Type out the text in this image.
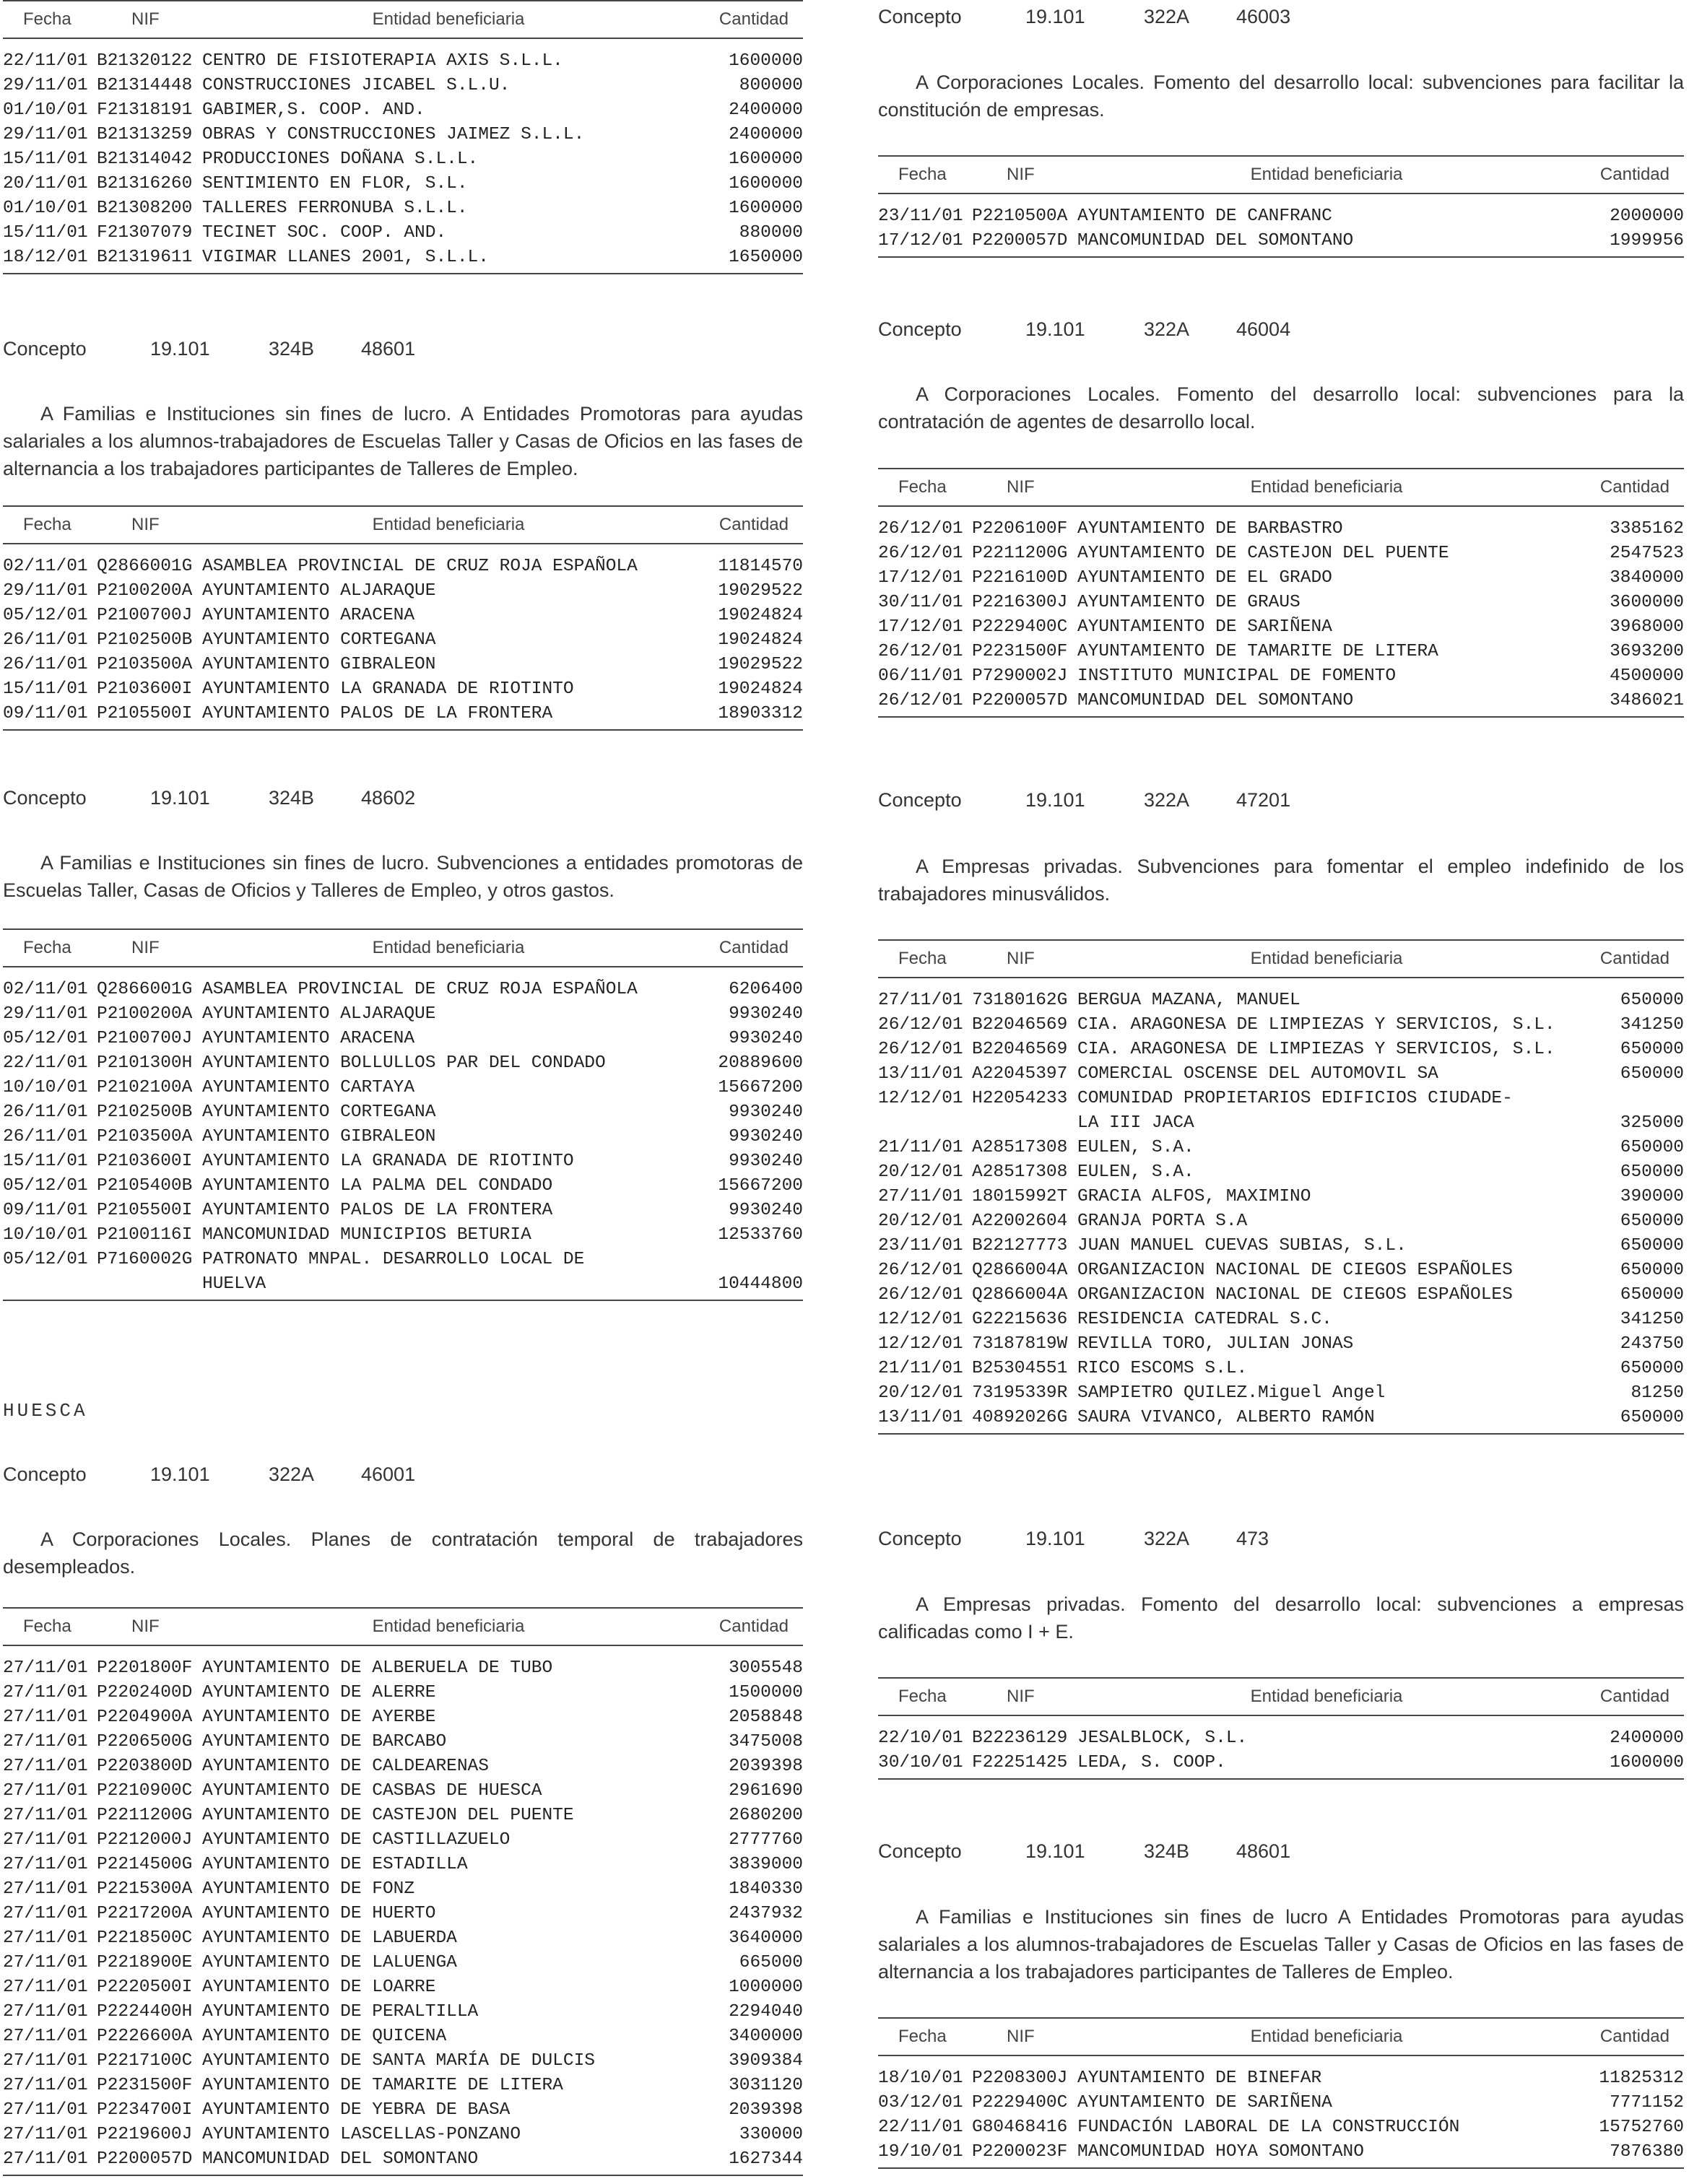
Fecha	NIF	Entidad beneficiaria	Cantidad
22/11/01	B21320122	CENTRO DE FISIOTERAPIA AXIS S.L.L.	1600000
29/11/01	B21314448	CONSTRUCCIONES JICABEL S.L.U.	800000
01/10/01	F21318191	GABIMER,S. COOP. AND.	2400000
29/11/01	B21313259	OBRAS Y CONSTRUCCIONES JAIMEZ S.L.L.	2400000
15/11/01	B21314042	PRODUCCIONES DOÑANA S.L.L.	1600000
20/11/01	B21316260	SENTIMIENTO EN FLOR, S.L.	1600000
01/10/01	B21308200	TALLERES FERRONUBA S.L.L.	1600000
15/11/01	F21307079	TECINET SOC. COOP. AND.	880000
18/12/01	B21319611	VIGIMAR LLANES 2001, S.L.L.	1650000
Concepto	19.101	324B 48601

A Familias e Instituciones sin fines de lucro. A Entidades Promotoras para ayudas salariales a los alumnos-trabajadores de Escuelas Taller y Casas de Oficios en las fases de alternancia a los trabajadores participantes de Talleres de Empleo.

Fecha	NIF	Entidad beneficiaria	Cantidad
02/11/01	Q2866001G	ASAMBLEA PROVINCIAL DE CRUZ ROJA ESPAÑOLA	11814570
29/11/01	P2100200A	AYUNTAMIENTO ALJARAQUE	19029522
05/12/01	P2100700J	AYUNTAMIENTO ARACENA	19024824
26/11/01	P2102500B	AYUNTAMIENTO CORTEGANA	19024824
26/11/01	P2103500A	AYUNTAMIENTO GIBRALEON	19029522
15/11/01	P2103600I	AYUNTAMIENTO LA GRANADA DE RIOTINTO	19024824
09/11/01	P2105500I	AYUNTAMIENTO PALOS DE LA FRONTERA	18903312
Concepto	19.101	324B 48602

A Familias e Instituciones sin fines de lucro. Subvenciones a entidades promotoras de Escuelas Taller, Casas de Oficios y Talleres de Empleo, y otros gastos.

Fecha	NIF	Entidad beneficiaria	Cantidad
02/11/01	Q2866001G	ASAMBLEA PROVINCIAL DE CRUZ ROJA ESPAÑOLA	6206400
29/11/01	P2100200A	AYUNTAMIENTO ALJARAQUE	9930240
05/12/01	P2100700J	AYUNTAMIENTO ARACENA	9930240
22/11/01	P2101300H	AYUNTAMIENTO BOLLULLOS PAR DEL CONDADO	20889600
10/10/01	P2102100A	AYUNTAMIENTO CARTAYA	15667200
26/11/01	P2102500B	AYUNTAMIENTO CORTEGANA	9930240
26/11/01	P2103500A	AYUNTAMIENTO GIBRALEON	9930240
15/11/01	P2103600I	AYUNTAMIENTO LA GRANADA DE RIOTINTO	9930240
05/12/01	P2105400B	AYUNTAMIENTO LA PALMA DEL CONDADO	15667200
09/11/01	P2105500I	AYUNTAMIENTO PALOS DE LA FRONTERA	9930240
10/10/01	P2100116I	MANCOMUNIDAD MUNICIPIOS BETURIA	12533760
05/12/01	P7160002G	PATRONATO MNPAL. DESARROLLO LOCAL DE
HUELVA	10444800
HUESCA
Concepto	19.101	322A 46001

A Corporaciones Locales. Planes de contratación temporal de trabajadores desempleados.

Fecha	NIF	Entidad beneficiaria	Cantidad
27/11/01	P2201800F	AYUNTAMIENTO DE ALBERUELA DE TUBO	3005548
27/11/01	P2202400D	AYUNTAMIENTO DE ALERRE	1500000
27/11/01	P2204900A	AYUNTAMIENTO DE AYERBE	2058848
27/11/01	P2206500G	AYUNTAMIENTO DE BARCABO	3475008
27/11/01	P2203800D	AYUNTAMIENTO DE CALDEARENAS	2039398
27/11/01	P2210900C	AYUNTAMIENTO DE CASBAS DE HUESCA	2961690
27/11/01	P2211200G	AYUNTAMIENTO DE CASTEJON DEL PUENTE	2680200
27/11/01	P2212000J	AYUNTAMIENTO DE CASTILLAZUELO	2777760
27/11/01	P2214500G	AYUNTAMIENTO DE ESTADILLA	3839000
27/11/01	P2215300A	AYUNTAMIENTO DE FONZ	1840330
27/11/01	P2217200A	AYUNTAMIENTO DE HUERTO	2437932
27/11/01	P2218500C	AYUNTAMIENTO DE LABUERDA	3640000
27/11/01	P2218900E	AYUNTAMIENTO DE LALUENGA	665000
27/11/01	P2220500I	AYUNTAMIENTO DE LOARRE	1000000
27/11/01	P2224400H	AYUNTAMIENTO DE PERALTILLA	2294040
27/11/01	P2226600A	AYUNTAMIENTO DE QUICENA	3400000
27/11/01	P2217100C	AYUNTAMIENTO DE SANTA MARÍA DE DULCIS	3909384
27/11/01	P2231500F	AYUNTAMIENTO DE TAMARITE DE LITERA	3031120
27/11/01	P2234700I	AYUNTAMIENTO DE YEBRA DE BASA	2039398
27/11/01	P2219600J	AYUNTAMIENTO LASCELLAS-PONZANO	330000
27/11/01	P2200057D	MANCOMUNIDAD DEL SOMONTANO	1627344
Concepto	19.101	322A 46003

A Corporaciones Locales. Fomento del desarrollo local: subvenciones para facilitar la constitución de empresas.

Fecha	NIF	Entidad beneficiaria	Cantidad
23/11/01	P2210500A	AYUNTAMIENTO DE CANFRANC	2000000
17/12/01	P2200057D	MANCOMUNIDAD DEL SOMONTANO	1999956
Concepto	19.101	322A 46004

A Corporaciones Locales. Fomento del desarrollo local: subvenciones para la contratación de agentes de desarrollo local.

Fecha	NIF	Entidad beneficiaria	Cantidad
26/12/01	P2206100F	AYUNTAMIENTO DE BARBASTRO	3385162
26/12/01	P2211200G	AYUNTAMIENTO DE CASTEJON DEL PUENTE	2547523
17/12/01	P2216100D	AYUNTAMIENTO DE EL GRADO	3840000
30/11/01	P2216300J	AYUNTAMIENTO DE GRAUS	3600000
17/12/01	P2229400C	AYUNTAMIENTO DE SARIÑENA	3968000
26/12/01	P2231500F	AYUNTAMIENTO DE TAMARITE DE LITERA	3693200
06/11/01	P7290002J	INSTITUTO MUNICIPAL DE FOMENTO	4500000
26/12/01	P2200057D	MANCOMUNIDAD DEL SOMONTANO	3486021
Concepto	19.101	322A 47201

A Empresas privadas. Subvenciones para fomentar el empleo indefinido de los trabajadores minusválidos.

Fecha	NIF	Entidad beneficiaria	Cantidad
27/11/01	73180162G	BERGUA MAZANA, MANUEL	650000
26/12/01	B22046569	CIA. ARAGONESA DE LIMPIEZAS Y SERVICIOS, S.L.	341250
26/12/01	B22046569	CIA. ARAGONESA DE LIMPIEZAS Y SERVICIOS, S.L.	650000
13/11/01	A22045397	COMERCIAL OSCENSE DEL AUTOMOVIL SA	650000
12/12/01	H22054233	COMUNIDAD PROPIETARIOS EDIFICIOS CIUDADE-
LA III JACA	325000
21/11/01	A28517308	EULEN, S.A.	650000
20/12/01	A28517308	EULEN, S.A.	650000
27/11/01	18015992T	GRACIA ALFOS, MAXIMINO	390000
20/12/01	A22002604	GRANJA PORTA S.A	650000
23/11/01	B22127773	JUAN MANUEL CUEVAS SUBIAS, S.L.	650000
26/12/01	Q2866004A	ORGANIZACION NACIONAL DE CIEGOS ESPAÑOLES	650000
26/12/01	Q2866004A	ORGANIZACION NACIONAL DE CIEGOS ESPAÑOLES	650000
12/12/01	G22215636	RESIDENCIA CATEDRAL S.C.	341250
12/12/01	73187819W	REVILLA TORO, JULIAN JONAS	243750
21/11/01	B25304551	RICO ESCOMS S.L.	650000
20/12/01	73195339R	SAMPIETRO QUILEZ.Miguel Angel	81250
13/11/01	40892026G	SAURA VIVANCO, ALBERTO RAMÓN	650000
Concepto	19.101	322A 473

A Empresas privadas. Fomento del desarrollo local: subvenciones a empresas calificadas como I + E.

Fecha	NIF	Entidad beneficiaria	Cantidad
22/10/01	B22236129	JESALBLOCK, S.L.	2400000
30/10/01	F22251425	LEDA, S. COOP.	1600000
Concepto	19.101	324B 48601

A Familias e Instituciones sin fines de lucro A Entidades Promotoras para ayudas salariales a los alumnos-trabajadores de Escuelas Taller y Casas de Oficios en las fases de alternancia a los trabajadores participantes de Talleres de Empleo.

Fecha	NIF	Entidad beneficiaria	Cantidad
18/10/01	P2208300J	AYUNTAMIENTO DE BINEFAR	11825312
03/12/01	P2229400C	AYUNTAMIENTO DE SARIÑENA	7771152
22/11/01	G80468416	FUNDACIÓN LABORAL DE LA CONSTRUCCIÓN	15752760
19/10/01	P2200023F	MANCOMUNIDAD HOYA SOMONTANO	7876380
